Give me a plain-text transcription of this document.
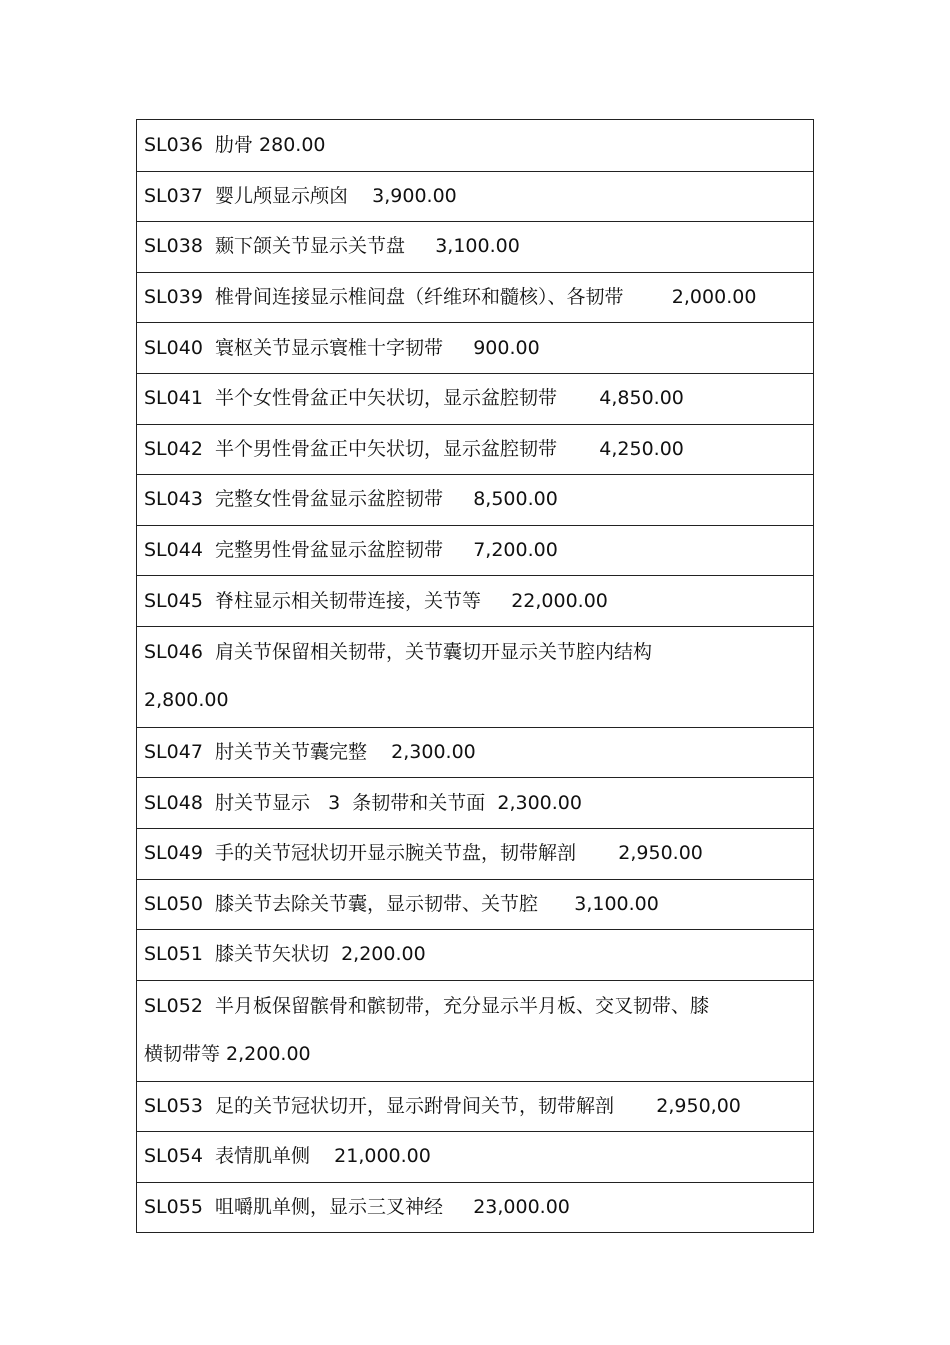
SL036  肋骨 280.00
SL037  婴儿颅显示颅囟    3,900.00
SL038  颞下颌关节显示关节盘     3,100.00
SL039  椎骨间连接显示椎间盘（纤维环和髓核）、各韧带        2,000.00
SL040  寰枢关节显示寰椎十字韧带     900.00
SL041  半个女性骨盆正中矢状切，显示盆腔韧带       4,850.00
SL042  半个男性骨盆正中矢状切，显示盆腔韧带       4,250.00
SL043  完整女性骨盆显示盆腔韧带     8,500.00
SL044  完整男性骨盆显示盆腔韧带     7,200.00
SL045  脊柱显示相关韧带连接，关节等     22,000.00
SL046  肩关节保留相关韧带，关节囊切开显示关节腔内结构
2,800.00
SL047  肘关节关节囊完整    2,300.00
SL048  肘关节显示   3  条韧带和关节面  2,300.00
SL049  手的关节冠状切开显示腕关节盘，韧带解剖       2,950.00
SL050  膝关节去除关节囊，显示韧带、关节腔      3,100.00
SL051  膝关节矢状切  2,200.00
SL052  半月板保留髌骨和髌韧带，充分显示半月板、交叉韧带、膝
横韧带等 2,200.00
SL053  足的关节冠状切开，显示跗骨间关节，韧带解剖       2,950,00
SL054  表情肌单侧    21,000.00
SL055  咀嚼肌单侧，显示三叉神经     23,000.00
